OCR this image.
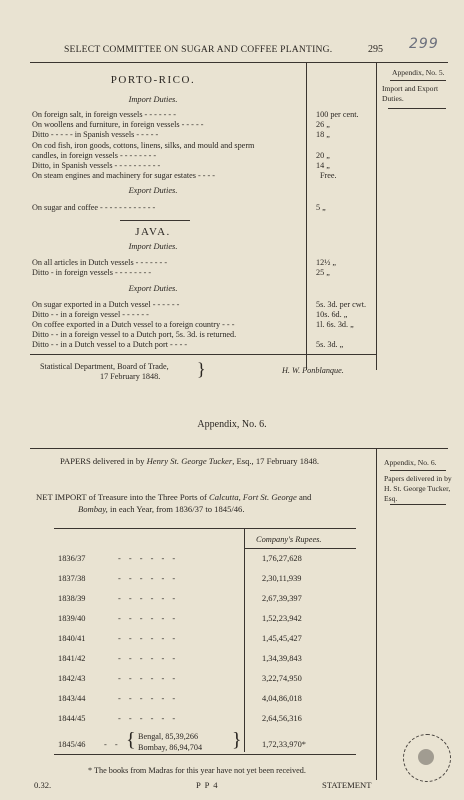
SELECT COMMITTEE ON SUGAR AND COFFEE PLANTING.	295 299
Appendix, No. 5.
Import and Export Duties.
PORTO-RICO.
Import Duties.
On foreign salt, in foreign vessels - - - - - - -	100 per cent.
On woollens and furniture, in foreign vessels - - - - -	26 „
Ditto - - - - - in Spanish vessels - - - - -	18 „
On cod fish, iron goods, cottons, linens, silks, and mould and sperm
candles, in foreign vessels - - - - - - - -	20 „
Ditto, in Spanish vessels - - - - - - - - - -	14 „
On steam engines and machinery for sugar estates - - - -	Free.
Export Duties.
On sugar and coffee - - - - - - - - - - - -	5 „
JAVA.
Import Duties.
On all articles in Dutch vessels - - - - - - -	12½ „
Ditto - in foreign vessels - - - - - - - -	25 „
Export Duties.
On sugar exported in a Dutch vessel - - - - - -	5s. 3d. per cwt.
Ditto - - in a foreign vessel - - - - - -	10s. 6d. „
On coffee exported in a Dutch vessel to a foreign country - - -	1l. 6s. 3d. „
Ditto - - in a foreign vessel to a Dutch port, 5s. 3d. is returned.
Ditto - - in a Dutch vessel to a Dutch port - - - -	5s. 3d. „
Statistical Department, Board of Trade,
17 February 1848. }	H. W. Fonblanque.
Appendix, No. 6.
PAPERS delivered in by Henry St. George Tucker, Esq., 17 February 1848.	Appendix, No. 6.
Papers delivered in by H. St. George Tucker, Esq.
NET IMPORT of Treasure into the Three Ports of Calcutta, Fort St. George and
Bombay, in each Year, from 1836/37 to 1845/46.
Company's Rupees.
1836/37	- - - - - -	1,76,27,628
1837/38	- - - - - -	2,30,11,939
1838/39	- - - - - -	2,67,39,397
1839/40	- - - - - -	1,52,23,942
1840/41	- - - - - -	1,45,45,427
1841/42	- - - - - -	1,34,39,843
1842/43	- - - - - -	3,22,74,950
1843/44	- - - - - -	4,04,86,018
1844/45	- - - - - -	2,64,56,316
1845/46 - - { Bengal, 85,39,266
Bombay, 86,94,704 } 1,72,33,970*
* The books from Madras for this year have not yet been received.
0.32.	P P 4	STATEMENT
